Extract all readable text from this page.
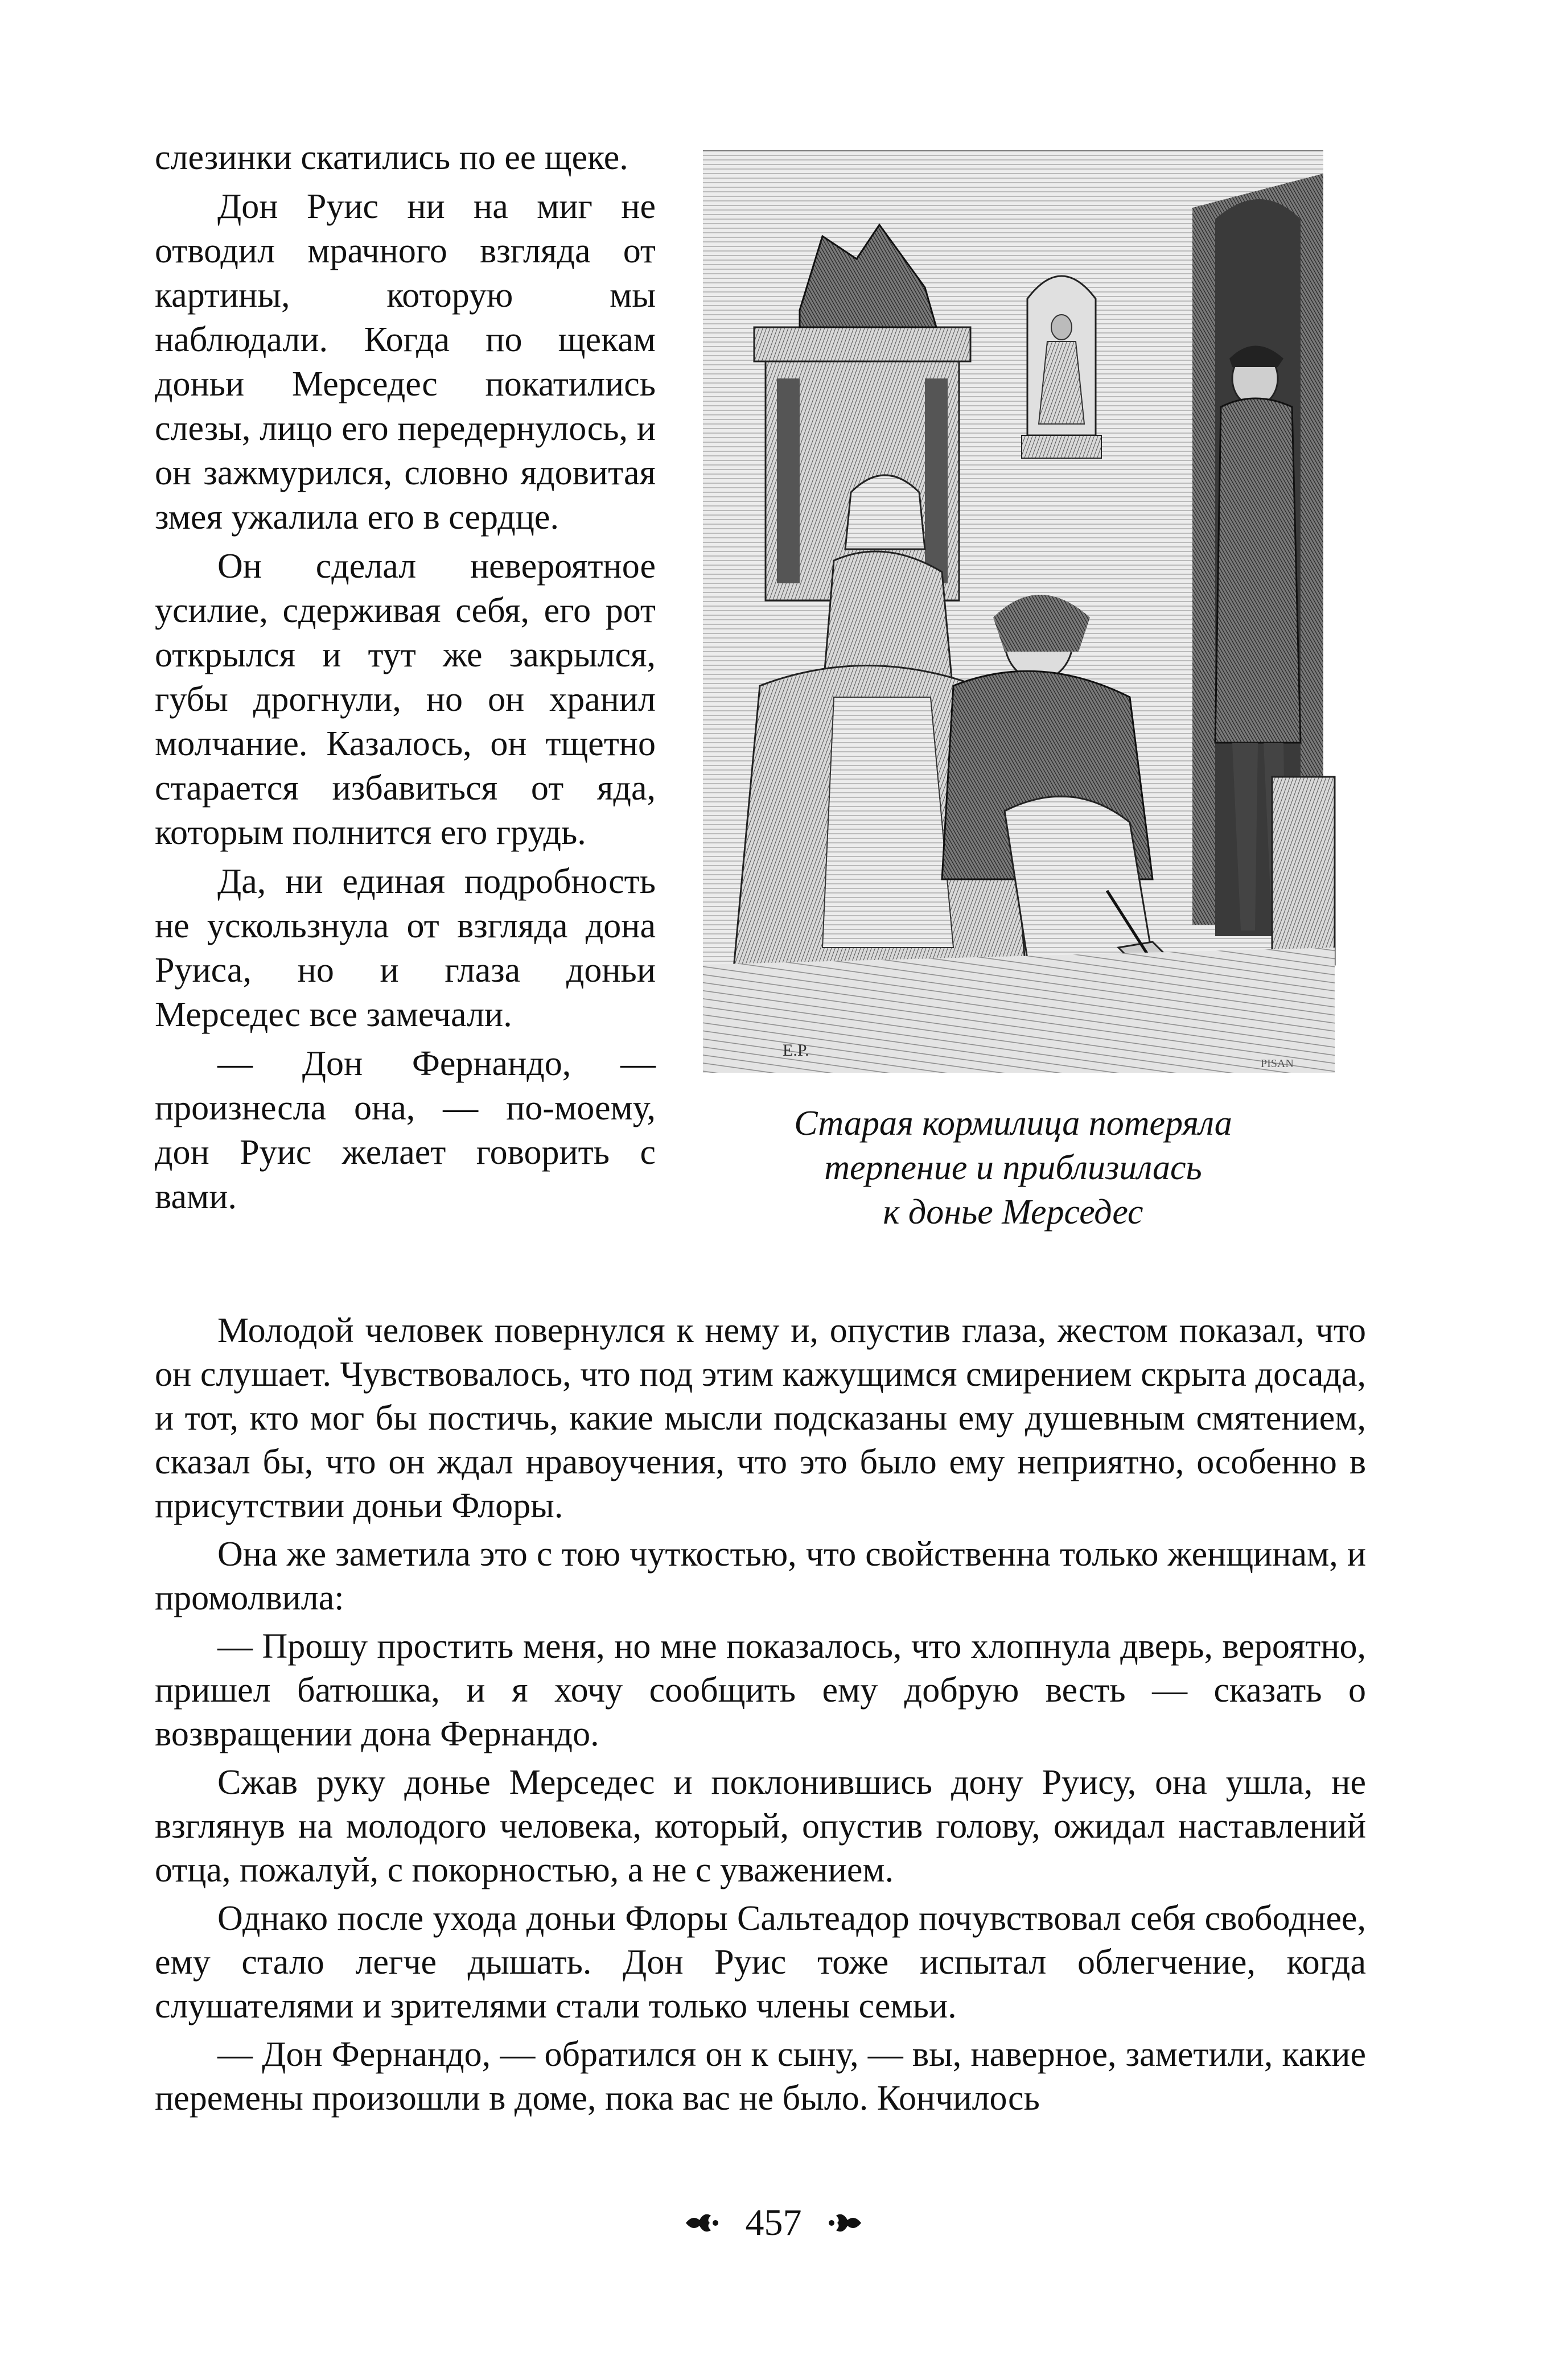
слезинки скатились по ее щеке.

Дон Руис ни на миг не отводил мрачного взгляда от картины, которую мы наблюдали. Когда по щекам доньи Мерседес покатились слезы, лицо его передернулось, и он зажмурился, словно ядовитая змея ужалила его в сердце.

Он сделал невероятное усилие, сдерживая себя, его рот открылся и тут же закрылся, губы дрогнули, но он хранил молчание. Казалось, он тщетно старается избавиться от яда, которым полнится его грудь.

Да, ни единая подробность не ускользнула от взгляда дона Руиса, но и глаза доньи Мерседес все замечали.

— Дон Фернандо, — произнесла она, — по-моему, дон Руис желает говорить с вами.

E.P.
PISAN
Старая кормилица потеряла
терпение и приблизилась
к донье Мерседес

Молодой человек повернулся к нему и, опустив глаза, жестом показал, что он слушает. Чувствовалось, что под этим кажущимся смирением скрыта досада, и тот, кто мог бы постичь, какие мысли подсказаны ему душевным смятением, сказал бы, что он ждал нравоучения, что это было ему неприятно, особенно в присутствии доньи Флоры.

Она же заметила это с тою чуткостью, что свойственна только женщинам, и промолвила:

— Прошу простить меня, но мне показалось, что хлопнула дверь, вероятно, пришел батюшка, и я хочу сообщить ему добрую весть — сказать о возвращении дона Фернандо.

Сжав руку донье Мерседес и поклонившись дону Руису, она ушла, не взглянув на молодого человека, который, опустив голову, ожидал наставлений отца, пожалуй, с покорностью, а не с уважением.

Однако после ухода доньи Флоры Сальтеадор почувствовал себя свободнее, ему стало легче дышать. Дон Руис тоже испытал облегчение, когда слушателями и зрителями стали только члены семьи.

— Дон Фернандо, — обратился он к сыну, — вы, наверное, заметили, какие перемены произошли в доме, пока вас не было. Кончилось

457
